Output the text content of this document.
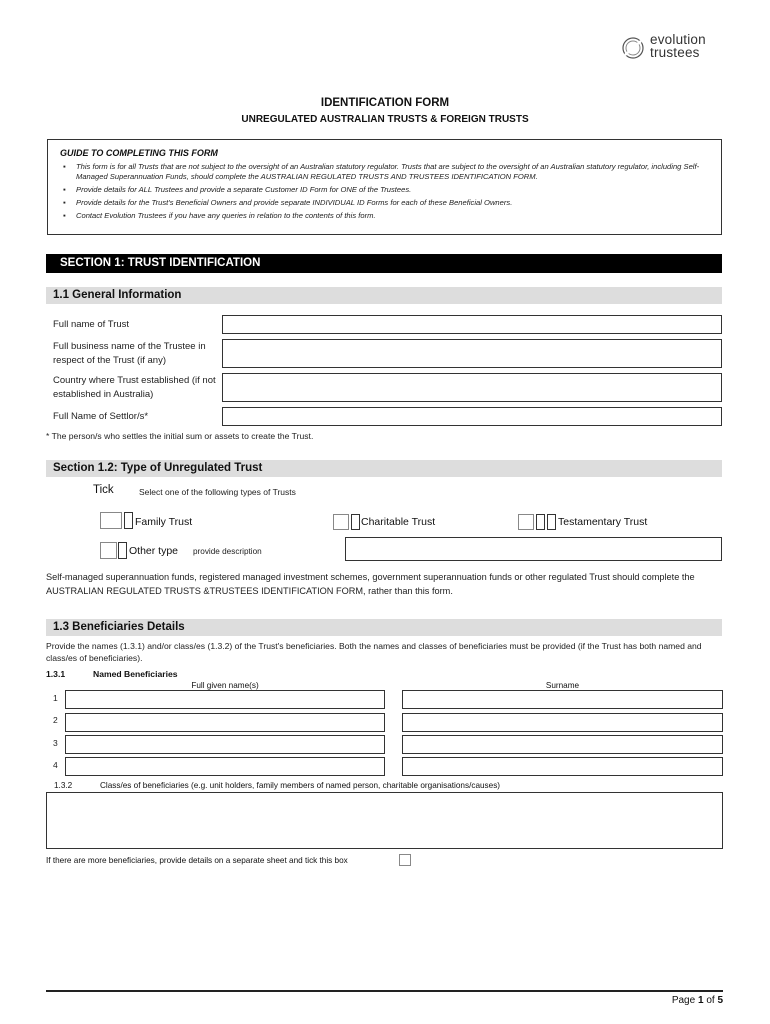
evolution
trustees
IDENTIFICATION FORM
UNREGULATED AUSTRALIAN TRUSTS & FOREIGN TRUSTS
GUIDE TO COMPLETING THIS FORM
▪ This form is for all Trusts that are not subject to the oversight of an Australian statutory regulator. Trusts that are subject to the oversight of an Australian statutory regulator, including Self-Managed Superannuation Funds, should complete the AUSTRALIAN REGULATED TRUSTS AND TRUSTEES IDENTIFICATION FORM.
▪ Provide details for ALL Trustees and provide a separate Customer ID Form for ONE of the Trustees.
▪ Provide details for the Trust's Beneficial Owners and provide separate INDIVIDUAL ID Forms for each of these Beneficial Owners.
▪ Contact Evolution Trustees if you have any queries in relation to the contents of this form.
SECTION 1: TRUST IDENTIFICATION
1.1 General Information
Full name of Trust
Full business name of the Trustee in respect of the Trust (if any)
Country where Trust established (if not established in Australia)
Full Name of Settlor/s*
* The person/s who settles the initial sum or assets to create the Trust.
Section 1.2: Type of Unregulated Trust
Tick	Select one of the following types of Trusts
Family Trust	Charitable Trust	Testamentary Trust
Other type provide description
Self-managed superannuation funds, registered managed investment schemes, government superannuation funds or other regulated Trust should complete the AUSTRALIAN REGULATED TRUSTS &TRUSTEES IDENTIFICATION FORM, rather than this form.
1.3 Beneficiaries Details
Provide the names (1.3.1) and/or class/es (1.3.2) of the Trust's beneficiaries. Both the names and classes of beneficiaries must be provided (if the Trust has both named and class/es of beneficiaries).
1.3.1	Named Beneficiaries
Full given name(s)	Surname
1
2
3
4
1.3.2	Class/es of beneficiaries (e.g. unit holders, family members of named person, charitable organisations/causes)
If there are more beneficiaries, provide details on a separate sheet and tick this box
Page 1 of 5
